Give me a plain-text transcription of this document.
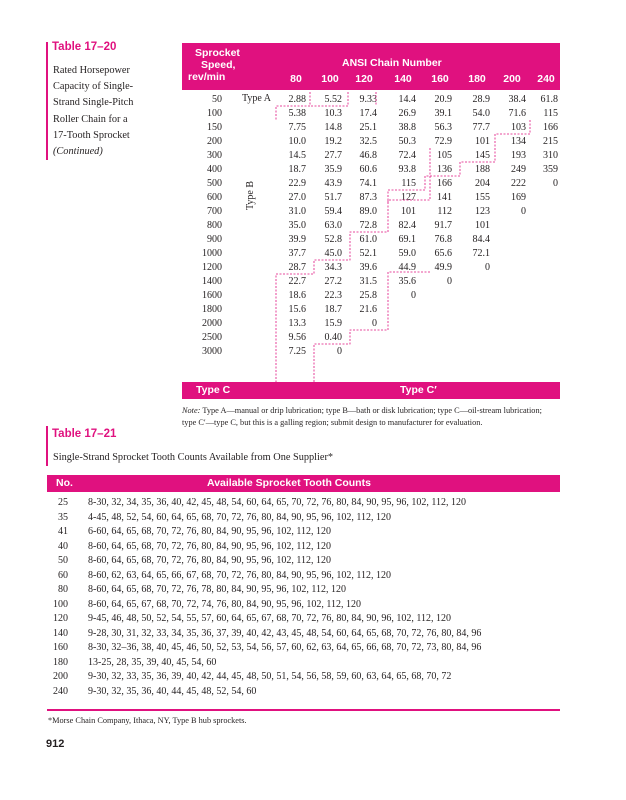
Table 17–20
Rated Horsepower
Capacity of Single-
Strand Single-Pitch
Roller Chain for a
17-Tooth Sprocket
(Continued)
Sprocket
Speed,
rev/min
ANSI Chain Number
80	100	120	140	160	180	200	240
50	2.88	5.52	9.33	14.4	20.9	28.9	38.4	61.8
100	5.38	10.3	17.4	26.9	39.1	54.0	71.6	115
150	7.75	14.8	25.1	38.8	56.3	77.7	103	166
200	10.0	19.2	32.5	50.3	72.9	101	134	215
300	14.5	27.7	46.8	72.4	105	145	193	310
400	18.7	35.9	60.6	93.8	136	188	249	359
500	22.9	43.9	74.1	115	166	204	222	0
600	27.0	51.7	87.3	127	141	155	169
700	31.0	59.4	89.0	101	112	123	0
800	35.0	63.0	72.8	82.4	91.7	101
900	39.9	52.8	61.0	69.1	76.8	84.4
1000	37.7	45.0	52.1	59.0	65.6	72.1
1200	28.7	34.3	39.6	44.9	49.9	0
1400	22.7	27.2	31.5	35.6	0
1600	18.6	22.3	25.8	0
1800	15.6	18.7	21.6
2000	13.3	15.9	0
2500	9.56	0.40
3000	7.25	0
Type A
Type B
Type C	Type C′
Note: Type A—manual or drip lubrication; type B—bath or disk lubrication; type C—oil-stream lubrication;
type C′—type C, but this is a galling region; submit design to manufacturer for evaluation.
Table 17–21
Single-Strand Sprocket Tooth Counts Available from One Supplier*
No.	Available Sprocket Tooth Counts
25 8-30, 32, 34, 35, 36, 40, 42, 45, 48, 54, 60, 64, 65, 70, 72, 76, 80, 84, 90, 95, 96, 102, 112, 120
35 4-45, 48, 52, 54, 60, 64, 65, 68, 70, 72, 76, 80, 84, 90, 95, 96, 102, 112, 120
41 6-60, 64, 65, 68, 70, 72, 76, 80, 84, 90, 95, 96, 102, 112, 120
40 8-60, 64, 65, 68, 70, 72, 76, 80, 84, 90, 95, 96, 102, 112, 120
50 8-60, 64, 65, 68, 70, 72, 76, 80, 84, 90, 95, 96, 102, 112, 120
60 8-60, 62, 63, 64, 65, 66, 67, 68, 70, 72, 76, 80, 84, 90, 95, 96, 102, 112, 120
80 8-60, 64, 65, 68, 70, 72, 76, 78, 80, 84, 90, 95, 96, 102, 112, 120
100 8-60, 64, 65, 67, 68, 70, 72, 74, 76, 80, 84, 90, 95, 96, 102, 112, 120
120 9-45, 46, 48, 50, 52, 54, 55, 57, 60, 64, 65, 67, 68, 70, 72, 76, 80, 84, 90, 96, 102, 112, 120
140 9-28, 30, 31, 32, 33, 34, 35, 36, 37, 39, 40, 42, 43, 45, 48, 54, 60, 64, 65, 68, 70, 72, 76, 80, 84, 96
160 8-30, 32–36, 38, 40, 45, 46, 50, 52, 53, 54, 56, 57, 60, 62, 63, 64, 65, 66, 68, 70, 72, 73, 80, 84, 96
180 13-25, 28, 35, 39, 40, 45, 54, 60
200 9-30, 32, 33, 35, 36, 39, 40, 42, 44, 45, 48, 50, 51, 54, 56, 58, 59, 60, 63, 64, 65, 68, 70, 72
240 9-30, 32, 35, 36, 40, 44, 45, 48, 52, 54, 60
*Morse Chain Company, Ithaca, NY, Type B hub sprockets.
912
